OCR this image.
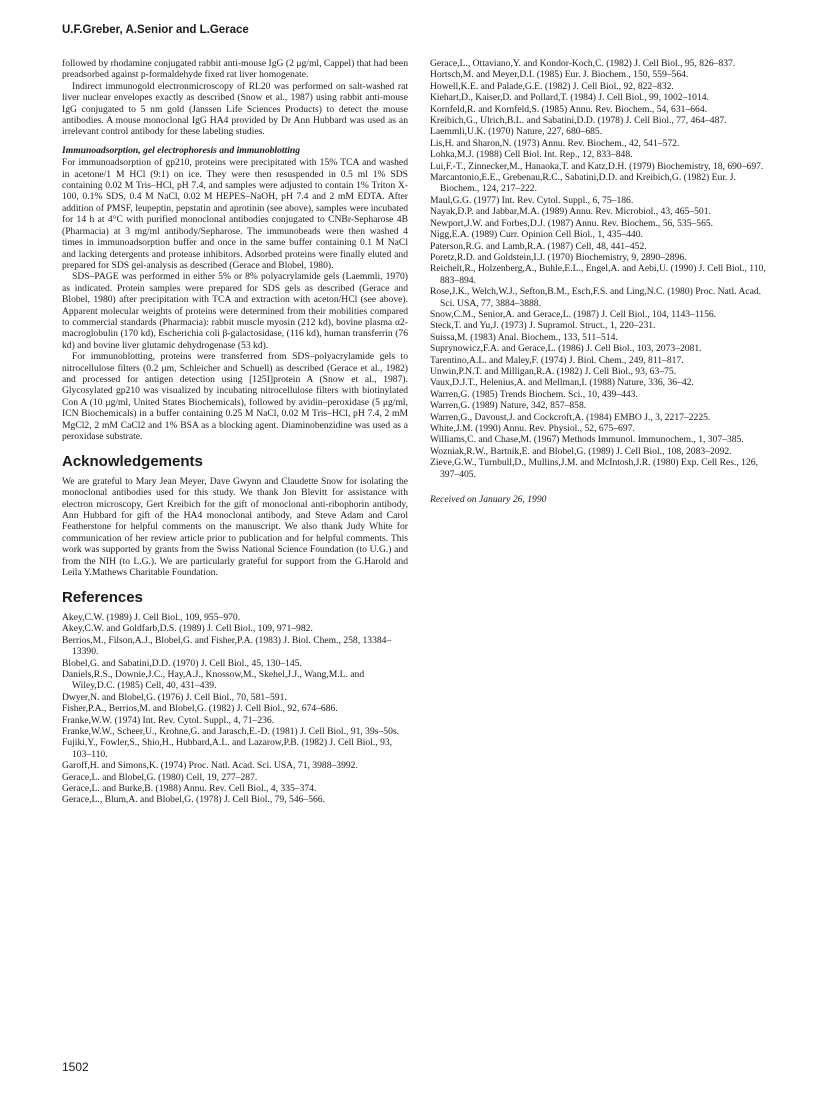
U.F.Greber, A.Senior and L.Gerace

followed by rhodamine conjugated rabbit anti-mouse IgG (2 μg/ml, Cappel) that had been preadsorbed against p-formaldehyde fixed rat liver homogenate.

Indirect immunogold electronmicroscopy of RL20 was performed on salt-washed rat liver nuclear envelopes exactly as described (Snow et al., 1987) using rabbit anti-mouse IgG conjugated to 5 nm gold (Janssen Life Sciences Products) to detect the mouse antibodies. A mouse monoclonal IgG HA4 provided by Dr Ann Hubbard was used as an irrelevant control antibody for these labeling studies.

Immunoadsorption, gel electrophoresis and immunoblotting

For immunoadsorption of gp210, proteins were precipitated with 15% TCA and washed in acetone/1 M HCl (9:1) on ice. They were then resuspended in 0.5 ml 1% SDS containing 0.02 M Tris–HCl, pH 7.4, and samples were adjusted to contain 1% Triton X-100, 0.1% SDS, 0.4 M NaCl, 0.02 M HEPES–NaOH, pH 7.4 and 2 mM EDTA. After addition of PMSF, leupeptin, pepstatin and aprotinin (see above), samples were incubated for 14 h at 4°C with purified monoclonal antibodies conjugated to CNBr-Sepharose 4B (Pharmacia) at 3 mg/ml antibody/Sepharose. The immunobeads were then washed 4 times in immunoadsorption buffer and once in the same buffer containing 0.1 M NaCl and lacking detergents and protease inhibitors. Adsorbed proteins were finally eluted and prepared for SDS gel-analysis as described (Gerace and Blobel, 1980).

SDS–PAGE was performed in either 5% or 8% polyacrylamide gels (Laemmli, 1970) as indicated. Protein samples were prepared for SDS gels as described (Gerace and Blobel, 1980) after precipitation with TCA and extraction with aceton/HCl (see above). Apparent molecular weights of proteins were determined from their mobilities compared to commercial standards (Pharmacia): rabbit muscle myosin (212 kd), bovine plasma α2-macroglobulin (170 kd), Escherichia coli β-galactosidase, (116 kd), human transferrin (76 kd) and bovine liver glutamic dehydrogenase (53 kd).

For immunoblotting, proteins were transferred from SDS–polyacrylamide gels to nitrocellulose filters (0.2 μm, Schleicher and Schuell) as described (Gerace et al., 1982) and processed for antigen detection using [125I]protein A (Snow et al., 1987). Glycosylated gp210 was visualized by incubating nitrocellulose filters with biotinylated Con A (10 μg/ml, United States Biochemicals), followed by avidin–peroxidase (5 μg/ml, ICN Biochemicals) in a buffer containing 0.25 M NaCl, 0.02 M Tris–HCl, pH 7.4, 2 mM MgCl2, 2 mM CaCl2 and 1% BSA as a blocking agent. Diaminobenzidine was used as a peroxidase substrate.

Acknowledgements

We are grateful to Mary Jean Meyer, Dave Gwynn and Claudette Snow for isolating the monoclonal antibodies used for this study. We thank Jon Blevitt for assistance with electron microscopy, Gert Kreibich for the gift of monoclonal anti-ribophorin antibody, Ann Hubbard for gift of the HA4 monoclonal antibody, and Steve Adam and Carol Featherstone for helpful comments on the manuscript. We also thank Judy White for communication of her review article prior to publication and for helpful comments. This work was supported by grants from the Swiss National Science Foundation (to U.G.) and from the NIH (to L.G.). We are particularly grateful for support from the G.Harold and Leila Y.Mathews Charitable Foundation.

References
Akey,C.W. (1989) J. Cell Biol., 109, 955–970.
Akey,C.W. and Goldfarb,D.S. (1989) J. Cell Biol., 109, 971–982.
Berrios,M., Filson,A.J., Blobel,G. and Fisher,P.A. (1983) J. Biol. Chem., 258, 13384–13390.
Blobel,G. and Sabatini,D.D. (1970) J. Cell Biol., 45, 130–145.
Daniels,R.S., Downie,J.C., Hay,A.J., Knossow,M., Skehel,J.J., Wang,M.L. and Wiley,D.C. (1985) Cell, 40, 431–439.
Dwyer,N. and Blobel,G. (1976) J. Cell Biol., 70, 581–591.
Fisher,P.A., Berrios,M. and Blobel,G. (1982) J. Cell Biol., 92, 674–686.
Franke,W.W. (1974) Int. Rev. Cytol. Suppl., 4, 71–236.
Franke,W.W., Scheer,U., Krohne,G. and Jarasch,E.-D. (1981) J. Cell Biol., 91, 39s–50s.
Fujiki,Y., Fowler,S., Shio,H., Hubbard,A.L. and Lazarow,P.B. (1982) J. Cell Biol., 93, 103–110.
Garoff,H. and Simons,K. (1974) Proc. Natl. Acad. Sci. USA, 71, 3988–3992.
Gerace,L. and Blobel,G. (1980) Cell, 19, 277–287.
Gerace,L. and Burke,B. (1988) Annu. Rev. Cell Biol., 4, 335–374.
Gerace,L., Blum,A. and Blobel,G. (1978) J. Cell Biol., 79, 546–566.
Gerace,L., Ottaviano,Y. and Kondor-Koch,C. (1982) J. Cell Biol., 95, 826–837.
Hortsch,M. and Meyer,D.I. (1985) Eur. J. Biochem., 150, 559–564.
Howell,K.E. and Palade,G.E. (1982) J. Cell Biol., 92, 822–832.
Kiehart,D., Kaiser,D. and Pollard,T. (1984) J. Cell Biol., 99, 1002–1014.
Kornfeld,R. and Kornfeld,S. (1985) Annu. Rev. Biochem., 54, 631–664.
Kreibich,G., Ulrich,B.L. and Sabatini,D.D. (1978) J. Cell Biol., 77, 464–487.
Laemmli,U.K. (1970) Nature, 227, 680–685.
Lis,H. and Sharon,N. (1973) Annu. Rev. Biochem., 42, 541–572.
Lohka,M.J. (1988) Cell Biol. Int. Rep., 12, 833–848.
Lui,F.-T., Zinnecker,M., Hanaoka,T. and Katz,D.H. (1979) Biochemistry, 18, 690–697.
Marcantonio,E.E., Grebenau,R.C., Sabatini,D.D. and Kreibich,G. (1982) Eur. J. Biochem., 124, 217–222.
Maul,G.G. (1977) Int. Rev. Cytol. Suppl., 6, 75–186.
Nayak,D.P. and Jabbar,M.A. (1989) Annu. Rev. Microbiol., 43, 465–501.
Newport,J.W. and Forbes,D.J. (1987) Annu. Rev. Biochem., 56, 535–565.
Nigg,E.A. (1989) Curr. Opinion Cell Biol., 1, 435–440.
Paterson,R.G. and Lamb,R.A. (1987) Cell, 48, 441–452.
Poretz,R.D. and Goldstein,I.J. (1970) Biochemistry, 9, 2890–2896.
Reichelt,R., Holzenberg,A., Buhle,E.L., Engel,A. and Aebi,U. (1990) J. Cell Biol., 110, 883–894.
Rose,J.K., Welch,W.J., Sefton,B.M., Esch,F.S. and Ling,N.C. (1980) Proc. Natl. Acad. Sci. USA, 77, 3884–3888.
Snow,C.M., Senior,A. and Gerace,L. (1987) J. Cell Biol., 104, 1143–1156.
Steck,T. and Yu,J. (1973) J. Supramol. Struct., 1, 220–231.
Suissa,M. (1983) Anal. Biochem., 133, 511–514.
Suprynowicz,F.A. and Gerace,L. (1986) J. Cell Biol., 103, 2073–2081.
Tarentino,A.L. and Maley,F. (1974) J. Biol. Chem., 249, 811–817.
Unwin,P.N.T. and Milligan,R.A. (1982) J. Cell Biol., 93, 63–75.
Vaux,D.J.T., Helenius,A. and Mellman,I. (1988) Nature, 336, 36–42.
Warren,G. (1985) Trends Biochem. Sci., 10, 439–443.
Warren,G. (1989) Nature, 342, 857–858.
Warren,G., Davoust,J. and Cockcroft,A. (1984) EMBO J., 3, 2217–2225.
White,J.M. (1990) Annu. Rev. Physiol., 52, 675–697.
Williams,C. and Chase,M. (1967) Methods Immunol. Immunochem., 1, 307–385.
Wozniak,R.W., Bartnik,E. and Blobel,G. (1989) J. Cell Biol., 108, 2083–2092.
Zieve,G.W., Turnbull,D., Mullins,J.M. and McIntosh,J.R. (1980) Exp. Cell Res., 126, 397–405.

Received on January 26, 1990

1502
